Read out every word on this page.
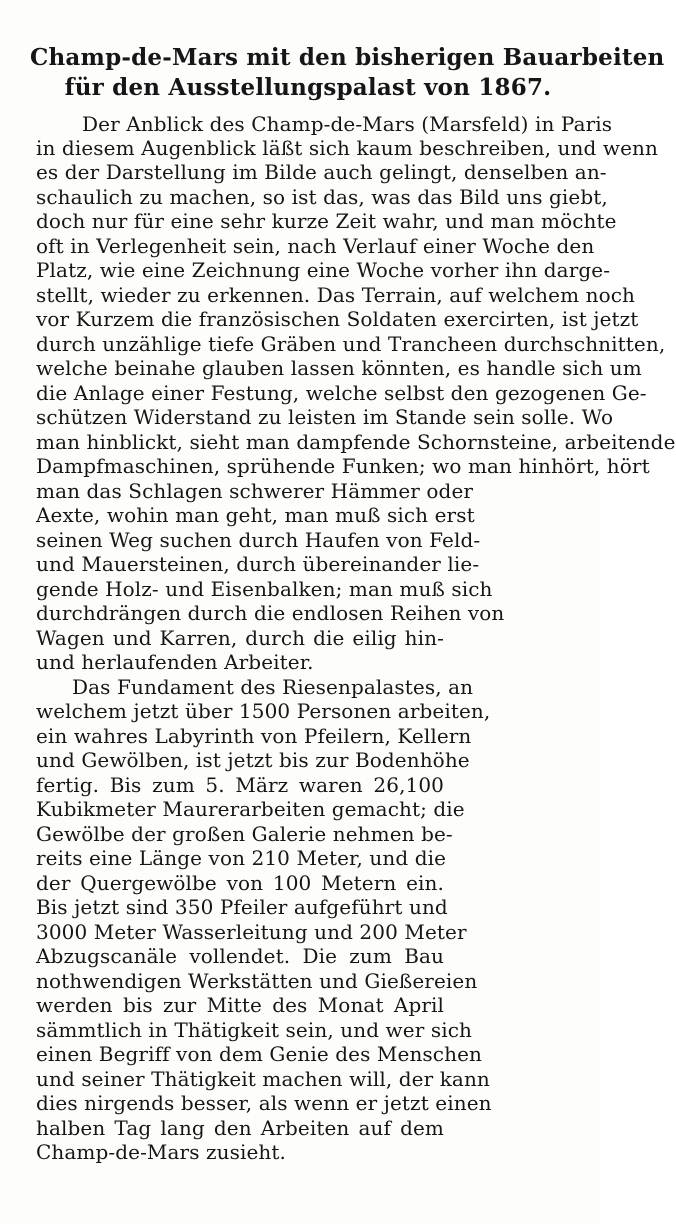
Champ-de-Mars mit den bisherigen Bauarbeiten
für den Ausstellungspalast von 1867.
Der Anblick des Champ-de-Mars (Marsfeld) in Paris
in diesem Augenblick läßt sich kaum beschreiben, und wenn
es der Darstellung im Bilde auch gelingt, denselben an-
schaulich zu machen, so ist das, was das Bild uns giebt,
doch nur für eine sehr kurze Zeit wahr, und man möchte
oft in Verlegenheit sein, nach Verlauf einer Woche den
Platz, wie eine Zeichnung eine Woche vorher ihn darge-
stellt, wieder zu erkennen. Das Terrain, auf welchem noch
vor Kurzem die französischen Soldaten exercirten, ist jetzt
durch unzählige tiefe Gräben und Trancheen durchschnitten,
welche beinahe glauben lassen könnten, es handle sich um
die Anlage einer Festung, welche selbst den gezogenen Ge-
schützen Widerstand zu leisten im Stande sein solle. Wo
man hinblickt, sieht man dampfende Schornsteine, arbeitende
Dampfmaschinen, sprühende Funken; wo man hinhört, hört
man das Schlagen schwerer Hämmer oder
Aexte, wohin man geht, man muß sich erst
seinen Weg suchen durch Haufen von Feld-
und Mauersteinen, durch übereinander lie-
gende Holz- und Eisenbalken; man muß sich
durchdrängen durch die endlosen Reihen von
Wagen und Karren, durch die eilig hin-
und herlaufenden Arbeiter.
Das Fundament des Riesenpalastes, an
welchem jetzt über 1500 Personen arbeiten,
ein wahres Labyrinth von Pfeilern, Kellern
und Gewölben, ist jetzt bis zur Bodenhöhe
fertig. Bis zum 5. März waren 26,100
Kubikmeter Maurerarbeiten gemacht; die
Gewölbe der großen Galerie nehmen be-
reits eine Länge von 210 Meter, und die
der Quergewölbe von 100 Metern ein.
Bis jetzt sind 350 Pfeiler aufgeführt und
3000 Meter Wasserleitung und 200 Meter
Abzugscanäle vollendet. Die zum Bau
nothwendigen Werkstätten und Gießereien
werden bis zur Mitte des Monat April
sämmtlich in Thätigkeit sein, und wer sich
einen Begriff von dem Genie des Menschen
und seiner Thätigkeit machen will, der kann
dies nirgends besser, als wenn er jetzt einen
halben Tag lang den Arbeiten auf dem
Champ-de-Mars zusieht.
